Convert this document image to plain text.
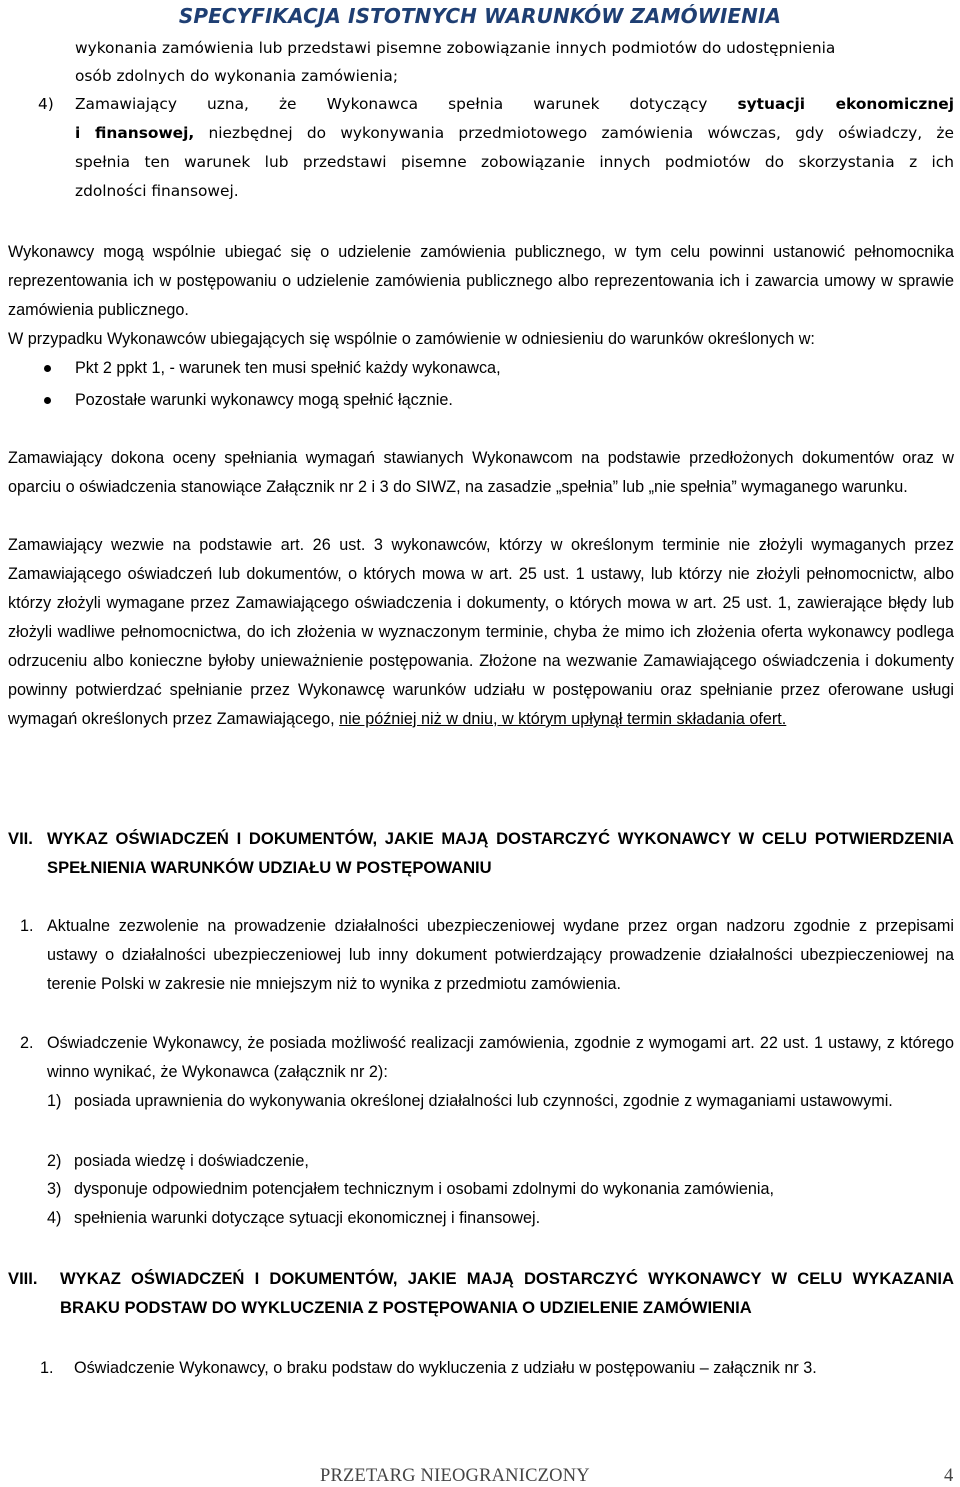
SPECYFIKACJA ISTOTNYCH WARUNKÓW ZAMÓWIENIA
wykonania zamówienia lub przedstawi pisemne zobowiązanie innych podmiotów do udostępnienia
osób zdolnych do wykonania zamówienia;
4) Zamawiający uzna, że Wykonawca spełnia warunek dotyczący sytuacji ekonomicznej
i finansowej, niezbędnej do wykonywania przedmiotowego zamówienia wówczas, gdy oświadczy, że
spełnia ten warunek lub przedstawi pisemne zobowiązanie innych podmiotów do skorzystania z ich
zdolności finansowej.
Wykonawcy mogą wspólnie ubiegać się o udzielenie zamówienia publicznego, w tym celu powinni ustanowić pełnomocnika reprezentowania ich w postępowaniu o udzielenie zamówienia publicznego albo reprezentowania ich i zawarcia umowy w sprawie zamówienia publicznego.
W przypadku Wykonawców ubiegających się wspólnie o zamówienie w odniesieniu do warunków określonych w:
Pkt 2 ppkt 1, - warunek ten musi spełnić każdy wykonawca,
Pozostałe warunki wykonawcy mogą spełnić łącznie.
Zamawiający dokona oceny spełniania wymagań stawianych Wykonawcom na podstawie przedłożonych dokumentów oraz w oparciu o oświadczenia stanowiące Załącznik nr 2 i 3 do SIWZ, na zasadzie „spełnia” lub „nie spełnia” wymaganego warunku.
Zamawiający wezwie na podstawie art. 26 ust. 3 wykonawców, którzy w określonym terminie nie złożyli wymaganych przez Zamawiającego oświadczeń lub dokumentów, o których mowa w art. 25 ust. 1 ustawy, lub którzy nie złożyli pełnomocnictw, albo którzy złożyli wymagane przez Zamawiającego oświadczenia i dokumenty, o których mowa w art. 25 ust. 1, zawierające błędy lub złożyli wadliwe pełnomocnictwa, do ich złożenia w wyznaczonym terminie, chyba że mimo ich złożenia oferta wykonawcy podlega odrzuceniu albo konieczne byłoby unieważnienie postępowania. Złożone na wezwanie Zamawiającego oświadczenia i dokumenty powinny potwierdzać spełnianie przez Wykonawcę warunków udziału w postępowaniu oraz spełnianie przez oferowane usługi wymagań określonych przez Zamawiającego, nie później niż w dniu, w którym upłynął termin składania ofert.
VII. WYKAZ OŚWIADCZEŃ I DOKUMENTÓW, JAKIE MAJĄ DOSTARCZYĆ WYKONAWCY W CELU POTWIERDZENIA SPEŁNIENIA WARUNKÓW UDZIAŁU W POSTĘPOWANIU
1. Aktualne zezwolenie na prowadzenie działalności ubezpieczeniowej wydane przez organ nadzoru zgodnie z przepisami ustawy o działalności ubezpieczeniowej lub inny dokument potwierdzający prowadzenie działalności ubezpieczeniowej na terenie Polski w zakresie nie mniejszym niż to wynika z przedmiotu zamówienia.
2. Oświadczenie Wykonawcy, że posiada możliwość realizacji zamówienia, zgodnie z wymogami art. 22 ust. 1 ustawy, z którego winno wynikać, że Wykonawca (załącznik nr 2):
1) posiada uprawnienia do wykonywania określonej działalności lub czynności, zgodnie z wymaganiami ustawowymi.
2) posiada wiedzę i doświadczenie,
3) dysponuje odpowiednim potencjałem technicznym i osobami zdolnymi do wykonania zamówienia,
4) spełnienia warunki dotyczące sytuacji ekonomicznej i finansowej.
VIII. WYKAZ OŚWIADCZEŃ I DOKUMENTÓW, JAKIE MAJĄ DOSTARCZYĆ WYKONAWCY W CELU WYKAZANIA BRAKU PODSTAW DO WYKLUCZENIA Z POSTĘPOWANIA O UDZIELENIE ZAMÓWIENIA
1. Oświadczenie Wykonawcy, o braku podstaw do wykluczenia z udziału w postępowaniu – załącznik nr 3.
PRZETARG NIEOGRANICZONY	4
